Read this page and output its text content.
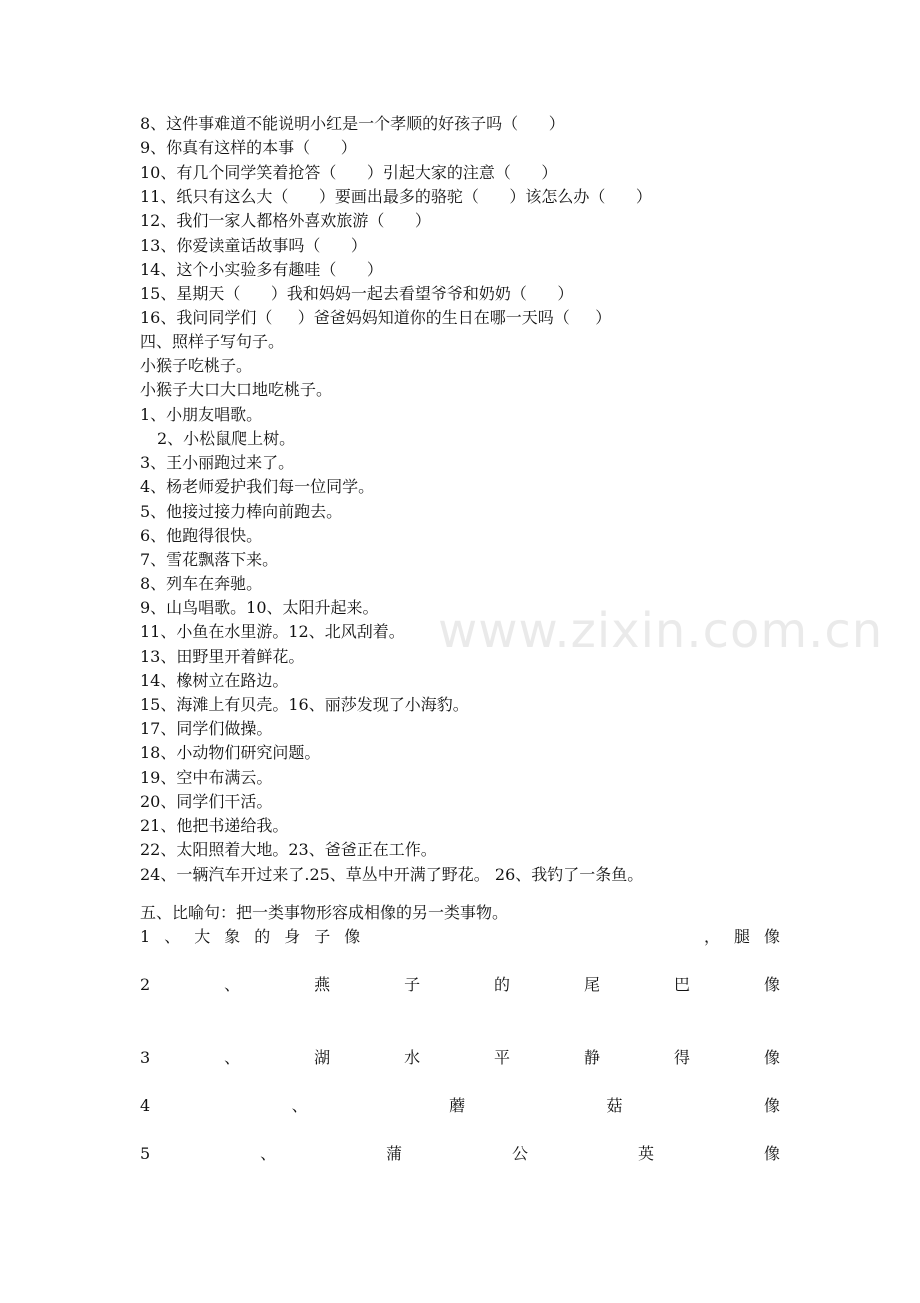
8、这件事难道不能说明小红是一个孝顺的好孩子吗（      ）
9、你真有这样的本事（      ）
10、有几个同学笑着抢答（      ）引起大家的注意（      ）
11、纸只有这么大（      ）要画出最多的骆驼（      ）该怎么办（      ）
12、我们一家人都格外喜欢旅游（      ）
13、你爱读童话故事吗（      ）
14、这个小实验多有趣哇（      ）
15、星期天（      ）我和妈妈一起去看望爷爷和奶奶（      ）
16、我问同学们（     ）爸爸妈妈知道你的生日在哪一天吗（     ）
四、照样子写句子。
小猴子吃桃子。
小猴子大口大口地吃桃子。
1、小朋友唱歌。
2、小松鼠爬上树。
3、王小丽跑过来了。
4、杨老师爱护我们每一位同学。
5、他接过接力棒向前跑去。
6、他跑得很快。
7、雪花飘落下来。
8、列车在奔驰。
9、山鸟唱歌。10、太阳升起来。
11、小鱼在水里游。12、北风刮着。
13、田野里开着鲜花。
14、橡树立在路边。
15、海滩上有贝壳。16、丽莎发现了小海豹。
17、同学们做操。
18、小动物们研究问题。
19、空中布满云。
20、同学们干活。
21、他把书递给我。
22、太阳照着大地。23、爸爸正在工作。
24、一辆汽车开过来了.25、草丛中开满了野花。 26、我钓了一条鱼。
五、比喻句：把一类事物形容成相像的另一类事物。
1 、 大 象 的 身 子 像	， 腿 像
2	、	燕	子	的	尾	巴	像
3	、	湖	水	平	静	得	像
4	、	蘑	菇	像
5	、	蒲	公	英	像
www.zixin.com.cn
